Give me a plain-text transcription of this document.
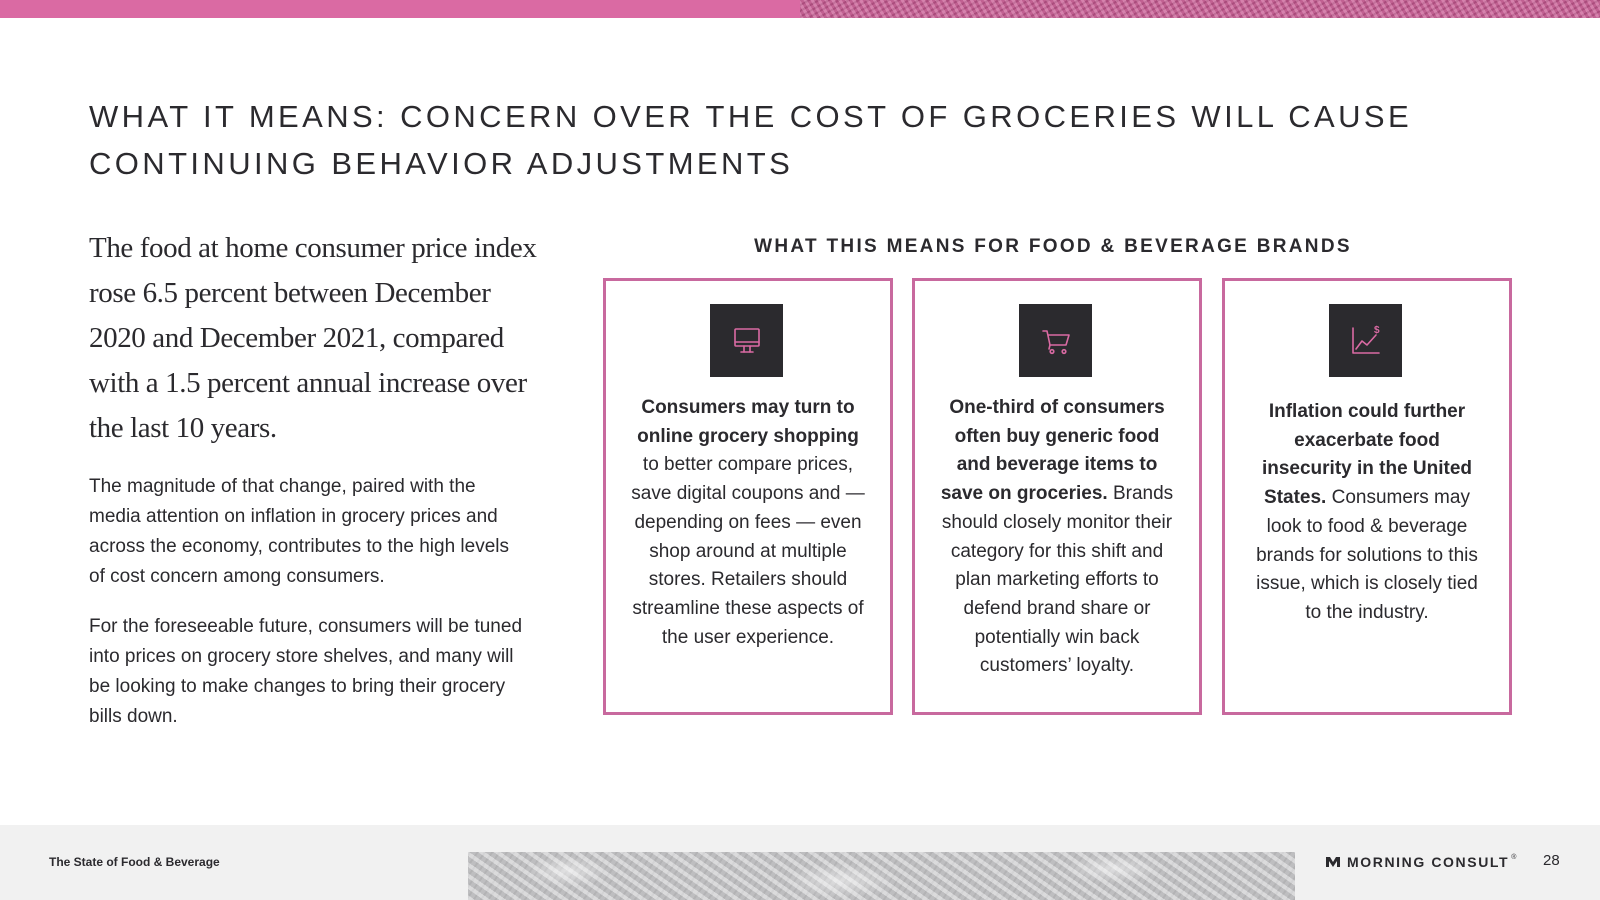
WHAT IT MEANS: CONCERN OVER THE COST OF GROCERIES WILL CAUSE CONTINUING BEHAVIOR ADJUSTMENTS

The food at home consumer price index rose 6.5 percent between December 2020 and December 2021, compared with a 1.5 percent annual increase over the last 10 years.

The magnitude of that change, paired with the media attention on inflation in grocery prices and across the economy, contributes to the high levels of cost concern among consumers.

For the foreseeable future, consumers will be tuned into prices on grocery store shelves, and many will be looking to make changes to bring their grocery bills down.

WHAT THIS MEANS FOR FOOD & BEVERAGE BRANDS

Consumers may turn to online grocery shopping to better compare prices, save digital coupons and — depending on fees — even shop around at multiple stores. Retailers should streamline these aspects of the user experience.

One-third of consumers often buy generic food and beverage items to save on groceries. Brands should closely monitor their category for this shift and plan marketing efforts to defend brand share or potentially win back customers’ loyalty.

$

Inflation could further exacerbate food insecurity in the United States. Consumers may look to food & beverage brands for solutions to this issue, which is closely tied to the industry.

The State of Food & Beverage	MORNING CONSULT ® 28
